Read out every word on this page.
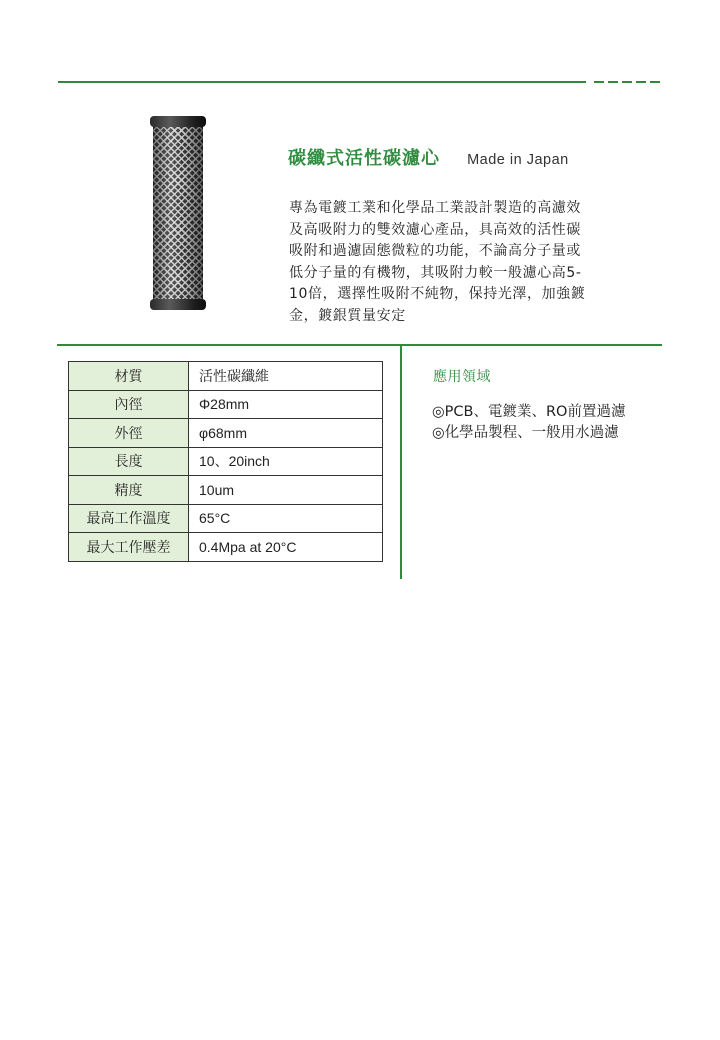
碳纖式活性碳濾心 Made in Japan
專為電鍍工業和化學品工業設計製造的高濾效
及高吸附力的雙效濾心產品，具高效的活性碳
吸附和過濾固態微粒的功能，不論高分子量或
低分子量的有機物，其吸附力較一般濾心高5-
10倍，選擇性吸附不純物，保持光澤，加強鍍
金，鍍銀質量安定
材質	活性碳纖維
內徑	Φ28mm
外徑	φ68mm
長度	10、20inch
精度	10um
最高工作溫度	65°C
最大工作壓差	0.4Mpa at 20°C
應用領域
◎PCB、電鍍業、RO前置過濾
◎化學品製程、一般用水過濾
